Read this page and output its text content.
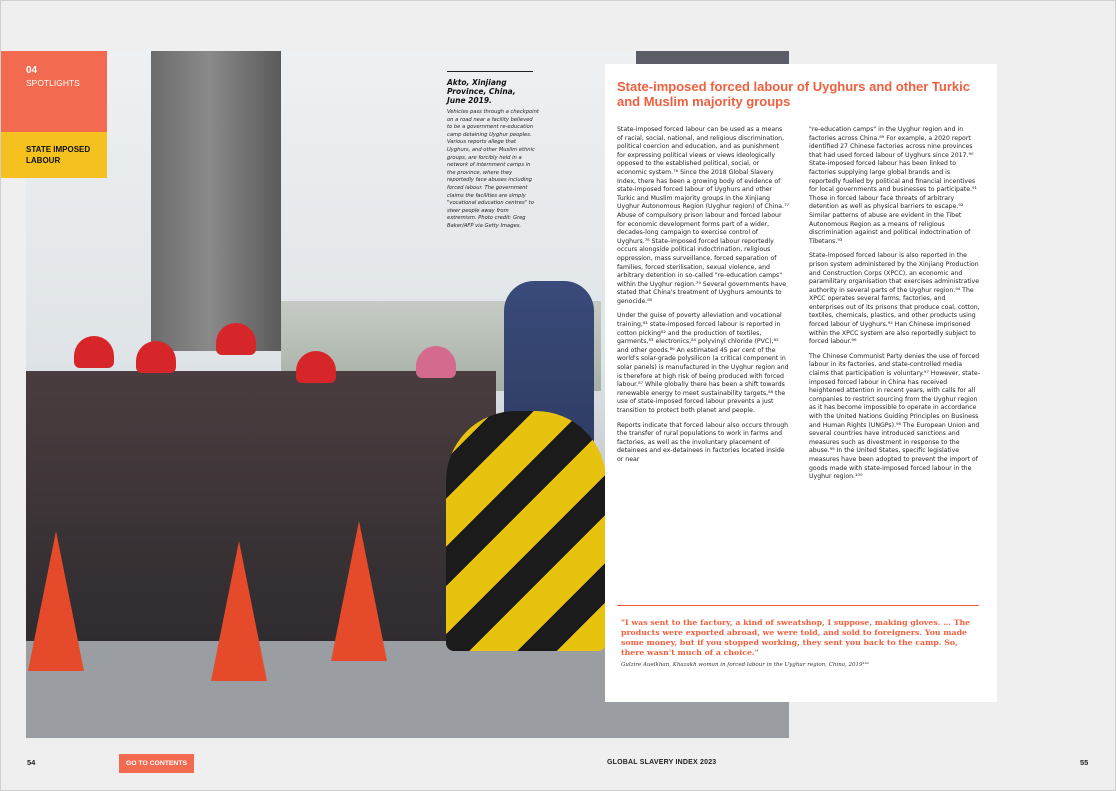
Akto, Xinjiang
Province, China,
June 2019.
Vehicles pass through a checkpoint on a road near a facility believed to be a government re-education camp detaining Uyghur peoples. Various reports allege that Uyghurs, and other Muslim ethnic groups, are forcibly held in a network of internment camps in the province, where they reportedly face abuses including forced labour. The government claims the facilities are simply "vocational education centres" to steer people away from extremism. Photo credit: Greg Baker/AFP via Getty Images.
04
SPOTLIGHTS
STATE IMPOSED
LABOUR
State-imposed forced labour of Uyghurs and other Turkic and Muslim majority groups

State-imposed forced labour can be used as a means of racial, social, national, and religious discrimination, political coercion and education, and as punishment for expressing political views or views ideologically opposed to the established political, social, or economic system.⁷⁶ Since the 2018 Global Slavery Index, there has been a growing body of evidence of state-imposed forced labour of Uyghurs and other Turkic and Muslim majority groups in the Xinjiang Uyghur Autonomous Region (Uyghur region) of China.⁷⁷ Abuse of compulsory prison labour and forced labour for economic development forms part of a wider, decades-long campaign to exercise control of Uyghurs.⁷⁸ State-imposed forced labour reportedly occurs alongside political indoctrination, religious oppression, mass surveillance, forced separation of families, forced sterilisation, sexual violence, and arbitrary detention in so-called "re-education camps" within the Uyghur region.⁷⁹ Several governments have stated that China's treatment of Uyghurs amounts to genocide.⁸⁰

Under the guise of poverty alleviation and vocational training,⁸¹ state-imposed forced labour is reported in cotton picking⁸² and the production of textiles, garments,⁸³ electronics,⁸⁴ polyvinyl chloride (PVC),⁸⁵ and other goods.⁸⁶ An estimated 45 per cent of the world's solar-grade polysilicon (a critical component in solar panels) is manufactured in the Uyghur region and is therefore at high risk of being produced with forced labour.⁸⁷ While globally there has been a shift towards renewable energy to meet sustainability targets,⁸⁸ the use of state-imposed forced labour prevents a just transition to protect both planet and people.

Reports indicate that forced labour also occurs through the transfer of rural populations to work in farms and factories, as well as the involuntary placement of detainees and ex-detainees in factories located inside or near

"re-education camps" in the Uyghur region and in factories across China.⁸⁹ For example, a 2020 report identified 27 Chinese factories across nine provinces that had used forced labour of Uyghurs since 2017.⁹⁰ State-imposed forced labour has been linked to factories supplying large global brands and is reportedly fuelled by political and financial incentives for local governments and businesses to participate.⁹¹ Those in forced labour face threats of arbitrary detention as well as physical barriers to escape.⁹² Similar patterns of abuse are evident in the Tibet Autonomous Region as a means of religious discrimination against and political indoctrination of Tibetans.⁹³

State-imposed forced labour is also reported in the prison system administered by the Xinjiang Production and Construction Corps (XPCC), an economic and paramilitary organisation that exercises administrative authority in several parts of the Uyghur region.⁹⁴ The XPCC operates several farms, factories, and enterprises out of its prisons that produce coal, cotton, textiles, chemicals, plastics, and other products using forced labour of Uyghurs.⁹⁵ Han Chinese imprisoned within the XPCC system are also reportedly subject to forced labour.⁹⁶

The Chinese Communist Party denies the use of forced labour in its factories, and state-controlled media claims that participation is voluntary.⁹⁷ However, state-imposed forced labour in China has received heightened attention in recent years, with calls for all companies to restrict sourcing from the Uyghur region as it has become impossible to operate in accordance with the United Nations Guiding Principles on Business and Human Rights (UNGPs).⁹⁸ The European Union and several countries have introduced sanctions and measures such as divestment in response to the abuse.⁹⁹ In the United States, specific legislative measures have been adopted to prevent the import of goods made with state-imposed forced labour in the Uyghur region.¹⁰⁰

"I was sent to the factory, a kind of sweatshop, I suppose, making gloves. … The products were exported abroad, we were told, and sold to foreigners. You made some money, but if you stopped working, they sent you back to the camp. So, there wasn't much of a choice."
Gulzire Auelkhan, Khazakh woman in forced labour in the Uyghur region, China, 2019¹⁰¹
54	GO TO CONTENTS	GLOBAL SLAVERY INDEX 2023	55
